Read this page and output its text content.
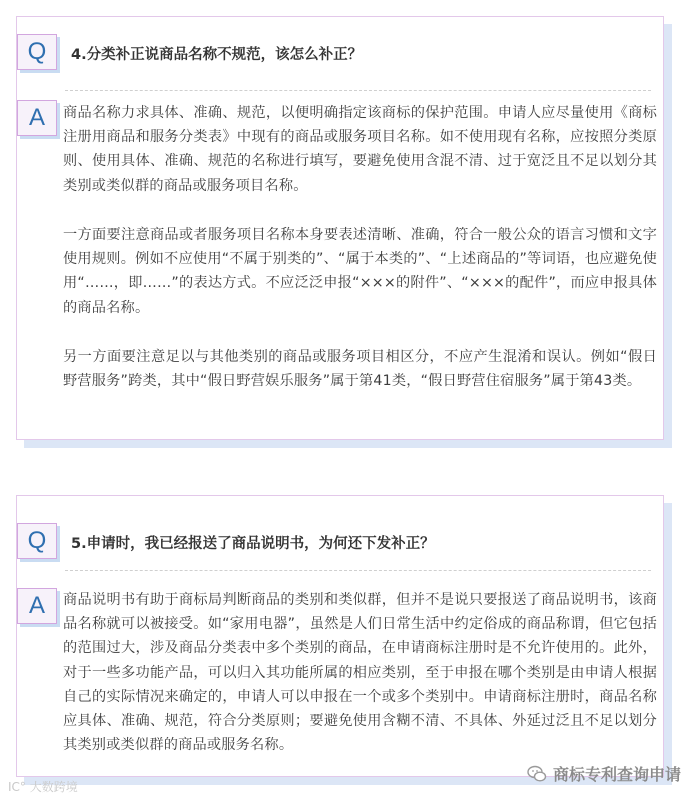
Q	4.分类补正说商品名称不规范，该怎么补正？
A	商品名称力求具体、准确、规范，以便明确指定该商标的保护范围。申请人应尽量使用《商标注册用商品和服务分类表》中现有的商品或服务项目名称。如不使用现有名称，应按照分类原则、使用具体、准确、规范的名称进行填写，要避免使用含混不清、过于宽泛且不足以划分其类别或类似群的商品或服务项目名称。

一方面要注意商品或者服务项目名称本身要表述清晰、准确，符合一般公众的语言习惯和文字使用规则。例如不应使用“不属于别类的”、“属于本类的”、“上述商品的”等词语，也应避免使用“……，即……”的表达方式。不应泛泛申报“×××的附件”、“×××的配件”，而应申报具体的商品名称。

另一方面要注意足以与其他类别的商品或服务项目相区分，不应产生混淆和误认。例如“假日野营服务”跨类，其中“假日野营娱乐服务”属于第41类，“假日野营住宿服务”属于第43类。

Q	5.申请时，我已经报送了商品说明书，为何还下发补正？
A	商品说明书有助于商标局判断商品的类别和类似群，但并不是说只要报送了商品说明书，该商品名称就可以被接受。如“家用电器”，虽然是人们日常生活中约定俗成的商品称谓，但它包括的范围过大，涉及商品分类表中多个类别的商品，在申请商标注册时是不允许使用的。此外，对于一些多功能产品，可以归入其功能所属的相应类别，至于申报在哪个类别是由申请人根据自己的实际情况来确定的，申请人可以申报在一个或多个类别中。申请商标注册时，商品名称应具体、准确、规范，符合分类原则；要避免使用含糊不清、不具体、外延过泛且不足以划分其类别或类似群的商品或服务名称。

IC° 大数跨境
商标专利查询申请
